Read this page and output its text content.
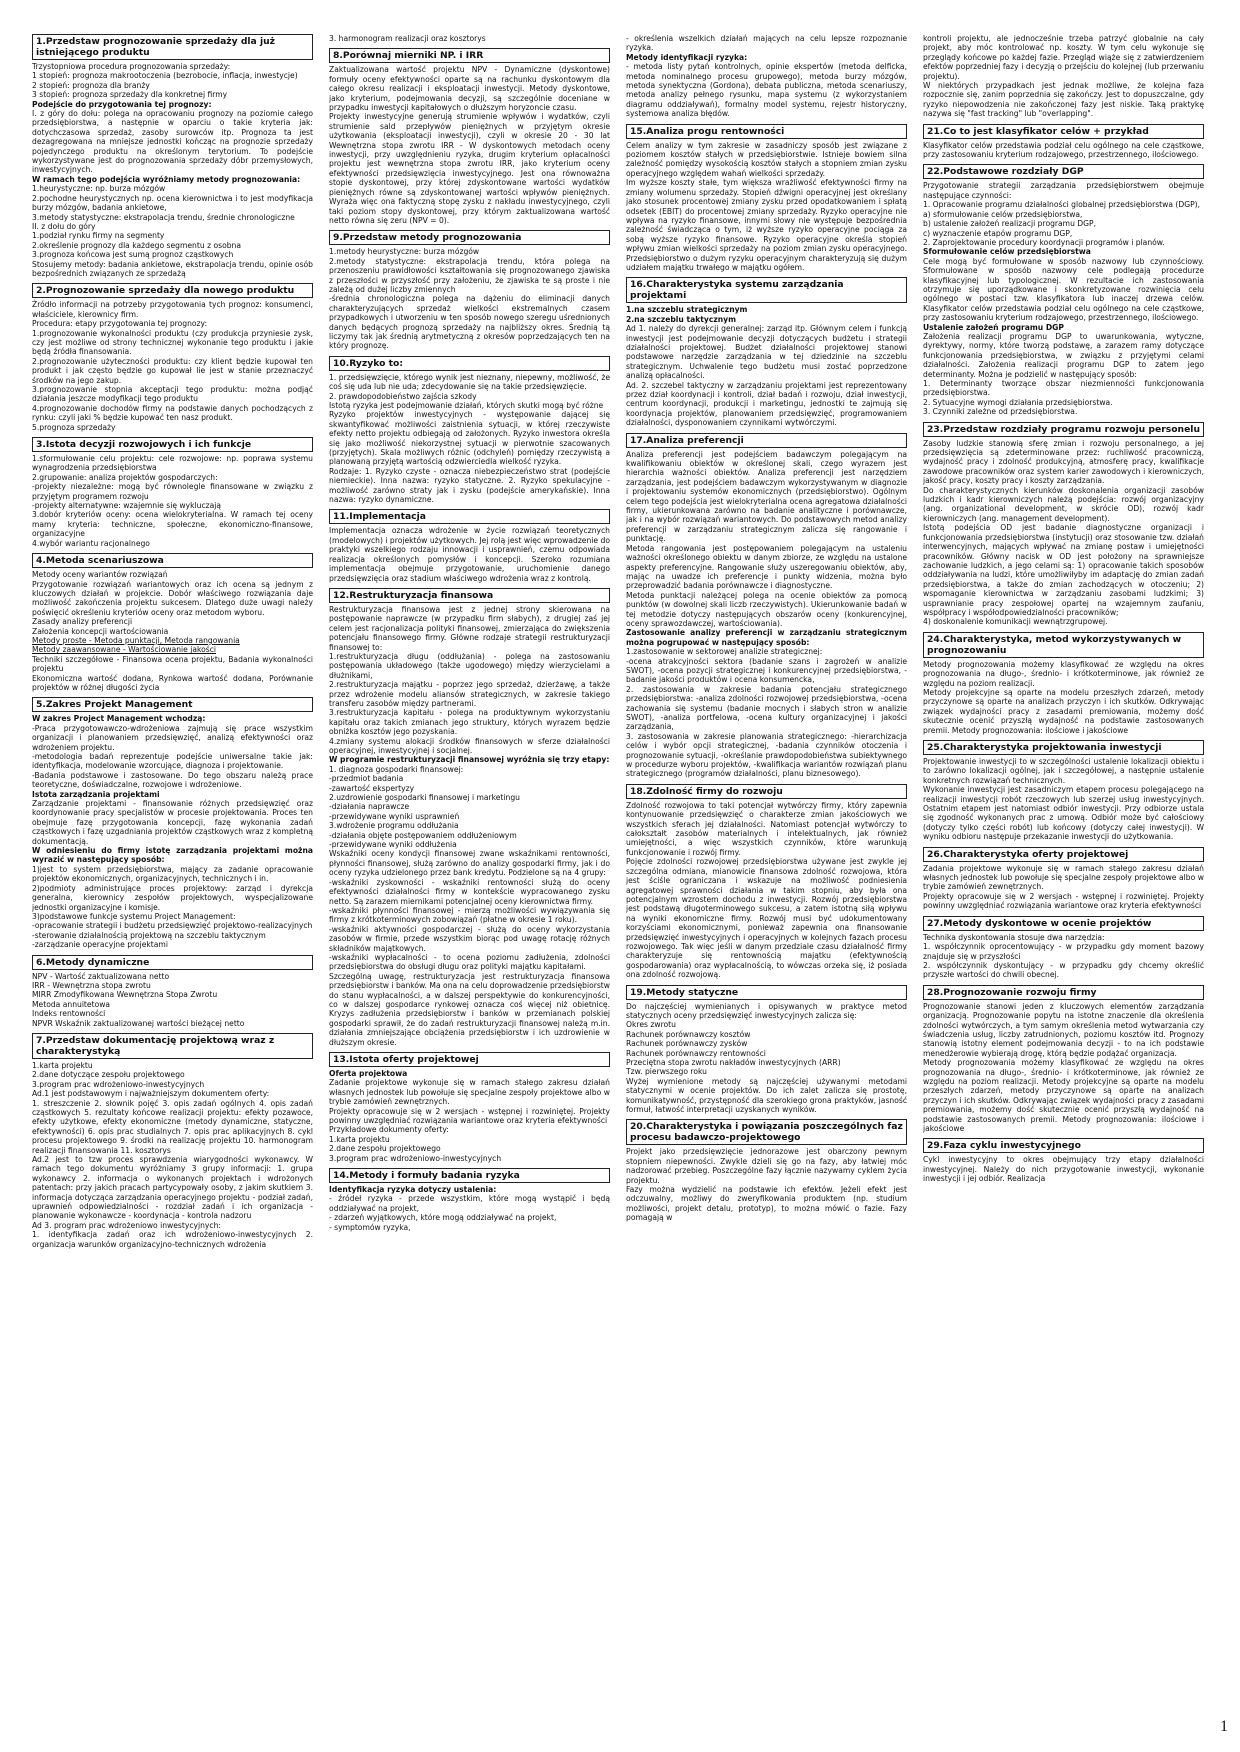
1.Przedstaw prognozowanie sprzedaży dla już istniejącego produktu

Trzystopniowa procedura prognozowania sprzedaży:

1 stopień: prognoza makrootoczenia (bezrobocie, inflacja, inwestycje)

2 stopień: prognoza dla branży

3 stopień: prognoza sprzedaży dla konkretnej firmy

Podejście do przygotowania tej prognozy:

I. z góry do dołu: polega na opracowaniu prognozy na poziomie całego przedsiębiorstwa, a następnie w oparciu o takie kryteria jak: dotychczasowa sprzedaż, zasoby surowców itp. Prognoza ta jest dezagregowana na mniejsze jednostki kończąc na prognozie sprzedaży pojedynczego produktu na określonym terytorium. To podejście wykorzystywane jest do prognozowania sprzedaży dóbr przemysłowych, inwestycyjnych.

W ramach tego podejścia wyróżniamy metody prognozowania:

1.heurystyczne: np. burza mózgów

2.pochodne heurystycznych np. ocena kierownictwa i to jest modyfikacja burzy mózgów, badania ankietowe,

3.metody statystyczne: ekstrapolacja trendu, średnie chronologiczne

II. z dołu do góry

1.podział rynku firmy na segmenty

2.określenie prognozy dla każdego segmentu z osobna

3.prognoza końcowa jest sumą prognoz cząstkowych

Stosujemy metody: badania ankietowe, ekstrapolacja trendu, opinie osób bezpośrednich związanych ze sprzedażą

2.Prognozowanie sprzedaży dla nowego produktu

Źródło informacji na potrzeby przygotowania tych prognoz: konsumenci, właściciele, kierownicy firm.

Procedura: etapy przygotowania tej prognozy:

1.prognozowanie wykonalności produktu (czy produkcja przyniesie zysk, czy jest możliwe od strony technicznej wykonanie tego produktu i jakie będą źródła finansowania.

2.prognozowanie użyteczności produktu: czy klient będzie kupował ten produkt i jak często będzie go kupował lie jest w stanie przeznaczyć środków na jego zakup.

3.prognozowanie stopnia akceptacji tego produktu: można podjąć działania jeszcze modyfikacji tego produktu

4.prognozowanie dochodów firmy na podstawie danych pochodzących z rynku: czyli jaki % będzie kupować ten nasz produkt.

5.prognoza sprzedaży

3.Istota decyzji rozwojowych i ich funkcje

1.sformułowanie celu projektu: cele rozwojowe: np. poprawa systemu wynagrodzenia przedsiębiorstwa

2.grupowanie: analiza projektów gospodarczych:

-projekty niezależne: mogą być równolegle finansowane w związku z przyjętym programem rozwoju

-projekty alternatywne: wzajemnie się wykluczają

3.dobór kryteriów oceny: ocena wielokryterialna. W ramach tej oceny mamy kryteria: techniczne, społeczne, ekonomiczno-finansowe, organizacyjne

4.wybór wariantu racjonalnego

4.Metoda scenariuszowa

Metody oceny wariantów rozwiązań

Przygotowanie rozwiązań wariantowych oraz ich ocena są jednym z kluczowych działań w projekcie. Dobór właściwego rozwiązania daje możliwość zakończenia projektu sukcesem. Dlatego duże uwagi należy poświęcić określeniu kryteriów oceny oraz metodom wyboru.

Zasady analizy preferencji

Założenia koncepcji wartościowania

Metody proste - Metoda punktacji, Metoda rangowania

Metody zaawansowane - Wartościowanie jakości

Techniki szczegółowe - Finansowa ocena projektu, Badania wykonalności projektu

Ekonomiczna wartość dodana, Rynkowa wartość dodana, Porównanie projektów w różnej długości życia

5.Zakres Projekt Management

W zakres Project Management wchodzą:

-Praca przygotowawczo-wdrożeniowa zajmują się prace wszystkim organizacji i planowaniem przedsięwzięć, analizą efektywności oraz wdrożeniem projektu.

-metodologia badań reprezentuje podejście uniwersalne takie jak: identyfikacja, modelowanie wzorcujące, diagnoza i projektowanie.

-Badania podstawowe i zastosowane. Do tego obszaru należą prace teoretyczne, doświadczalne, rozwojowe i wdrożeniowe.

Istota zarządzania projektami

Zarządzanie projektami - finansowanie różnych przedsięwzięć oraz koordynowanie pracy specjalistów w procesie projektowania. Proces ten obejmuje fazę przygotowania koncepcji, fazę wykonania zadań cząstkowych i fazę uzgadniania projektów cząstkowych wraz z kompletną dokumentacją.

W odniesieniu do firmy istotę zarządzania projektami można wyrazić w następujący sposób:

1)jest to system przedsiębiorstwa, mający za zadanie opracowanie projektów ekonomicznych, organizacyjnych, technicznych i in.

2)podmioty administrujące proces projektowy: zarząd i dyrekcja generalna, kierownicy zespołów projektowych, wyspecjalizowane jednostki organizacyjne i komisje.

3)podstawowe funkcje systemu Project Management:

-opracowanie strategii i budżetu przedsięwzięć projektowo-realizacyjnych

-sterowanie działalnością projektową na szczeblu taktycznym

-zarządzanie operacyjne projektami

6.Metody dynamiczne

NPV - Wartość zaktualizowana netto

IRR - Wewnętrzna stopa zwrotu

MIRR Zmodyfikowana Wewnętrzna Stopa Zwrotu

Metoda annuitetowa

Indeks rentowności

NPVR Wskaźnik zaktualizowanej wartości bieżącej netto

7.Przedstaw dokumentację projektową wraz z charakterystyką

1.karta projektu

2.dane dotyczące zespołu projektowego

3.program prac wdrożeniowo-inwestycyjnych

Ad.1 jest podstawowym i najważniejszym dokumentem oferty:

1. streszczenie 2. słownik pojęć 3. opis zadań ogólnych 4. opis zadań cząstkowych 5. rezultaty końcowe realizacji projektu: efekty pozawoce, efekty użytkowe, efekty ekonomiczne (metody dynamiczne, statyczne, efektywności) 6. opis prac studialnych 7. opis prac aplikacyjnych 8. cykl procesu projektowego 9. środki na realizację projektu 10. harmonogram realizacji finansowania 11. kosztorys

Ad.2 jest to tzw proces sprawdzenia wiarygodności wykonawcy. W ramach tego dokumentu wyróżniamy 3 grupy informacji: 1. grupa wykonawcy 2. informacja o wykonanych projektach i wdrożonych patentach: przy jakich pracach partycypowały osoby, z jakim skutkiem 3. informacja dotycząca zarządzania operacyjnego projektu - podział zadań, uprawnień odpowiedzialności - rozdział zadań i ich organizacja - planowanie wykonawcze - koordynacja - kontrola nadzoru

Ad 3. program prac wdrożeniowo inwestycyjnych:

1. identyfikacja zadań oraz ich wdrożeniowo-inwestycyjnych 2. organizacja warunków organizacyjno-technicznych wdrożenia

3. harmonogram realizacji oraz kosztorys

8.Porównaj mierniki NP. i IRR

Zaktualizowana wartość projektu NPV - Dynamiczne (dyskontowe) formuły oceny efektywności oparte są na rachunku dyskontowym dla całego okresu realizacji i eksploatacji inwestycji. Metody dyskontowe, jako kryterium, podejmowania decyzji, są szczególnie doceniane w przypadku inwestycji kapitałowych o dłuższym horyzoncie czasu.

Projekty inwestycyjne generują strumienie wpływów i wydatków, czyli strumienie sald przepływów pieniężnych w przyjętym okresie użytkowania (eksploatacji inwestycji), czyli w okresie 20 - 30 lat Wewnętrzna stopa zwrotu IRR - W dyskontowych metodach oceny inwestycji, przy uwzględnieniu ryzyka, drugim kryterium opłacalności projektu jest wewnętrzna stopa zwrotu IRR, jako kryterium oceny efektywności przedsięwzięcia inwestycyjnego. Jest ona równoważna stopie dyskontowej, przy której zdyskontowane wartości wydatków pieniężnych równe są zdyskontowanej wartości wpływów pieniężnych. Wyraża więc ona faktyczną stopę zysku z nakładu inwestycyjnego, czyli taki poziom stopy dyskontowej, przy którym zaktualizowana wartość netto równa się zeru (NPV = 0).

9.Przedstaw metody prognozowania

1.metody heurystyczne: burza mózgów

2.metody statystyczne: ekstrapolacja trendu, która polega na przenoszeniu prawidłowości kształtowania się prognozowanego zjawiska z przeszłości w przyszłość przy założeniu, że zjawiska te są proste i nie zależą od dużej liczby zmiennych

-średnia chronologiczna polega na dążeniu do eliminacji danych charakteryzujących sprzedaż wielkości ekstremalnych czasem przypadkowych i utworzeniu w ten sposób nowego szeregu uśrednionych danych będących prognozą sprzedaży na najbliższy okres. Średnią tą liczymy tak jak średnią arytmetyczną z okresów poprzedzających ten na który prognozę.

10.Ryzyko to:

1. przedsięwzięcie, którego wynik jest nieznany, niepewny, możliwość, że coś się uda lub nie uda; zdecydowanie się na takie przedsięwzięcie.

2. prawdopodobieństwo zajścia szkody

Istotą ryzyka jest podejmowanie działań, których skutki mogą być różne

Ryzyko projektów inwestycyjnych - występowanie dającej się skwantyfikować możliwości zaistnienia sytuacji, w której rzeczywiste efekty netto projektu odbiegają od założonych. Ryzyko inwestora określa się jako możliwość niekorzystnej sytuacji w pierwotnie szacowanych (przyjętych). Skala możliwych różnic (odchyleń) pomiędzy rzeczywistą a planowaną przyjętą wartością odzwierciedla wielkość ryzyka.

Rodzaje: 1. Ryzyko czyste - oznacza niebezpieczeństwo strat (podejście niemieckie). Inna nazwa: ryzyko statyczne. 2. Ryzyko spekulacyjne - możliwość zarówno straty jak i zysku (podejście amerykańskie). Inna nazwa: ryzyko dynamiczne.

11.Implementacja

Implementacja oznacza wdrożenie w życie rozwiązań teoretycznych (modelowych) i projektów użytkowych. Jej rolą jest więc wprowadzenie do praktyki wszelkiego rodzaju innowacji i usprawnień, czemu odpowiada realizacja określonych pomysłów i koncepcji. Szeroko rozumiana implementacja obejmuje przygotowanie, uruchomienie danego przedsięwzięcia oraz stadium właściwego wdrożenia wraz z kontrolą.

12.Restrukturyzacja finansowa

Restrukturyzacja finansowa jest z jednej strony skierowana na postępowanie naprawcze (w przypadku firm słabych), z drugiej zaś jej celem jest racjonalizacja polityki finansowej, zmierzająca do zwiększenia potencjału finansowego firmy. Główne rodzaje strategii restrukturyzacji finansowej to:

1.restrukturyzacja długu (oddłużania) - polega na zastosowaniu postępowania układowego (także ugodowego) między wierzycielami a dłużnikami,

2.restrukturyzacja majątku - poprzez jego sprzedaż, dzierżawę, a także przez wdrożenie modelu aliansów strategicznych, w zakresie takiego transferu zasobów między partnerami.

3.restrukturyzacja kapitału - polega na produktywnym wykorzystaniu kapitału oraz takich zmianach jego struktury, których wyrazem będzie obniżka kosztów jego pozyskania.

4.zmiany systemu alokacji środków finansowych w sferze działalności operacyjnej, inwestycyjnej i socjalnej.

W programie restrukturyzacji finansowej wyróżnia się trzy etapy:

1. diagnoza gospodarki finansowej:

-przedmiot badania

-zawartość ekspertyzy

2.uzdrowienie gospodarki finansowej i marketingu

-działania naprawcze

-przewidywane wyniki usprawnień

3.wdrożenie programu oddłużania

-działania objęte postępowaniem oddłużeniowym

-przewidywane wyniki oddłużenia

Wskaźniki oceny kondycji finansowej zwane wskaźnikami rentowności, płynności finansowej, służą zarówno do analizy gospodarki firmy, jak i do oceny ryzyka udzielonego przez bank kredytu. Podzielone są na 4 grupy:

-wskaźniki zyskowności - wskaźniki rentowności służą do oceny efektywności działalności firmy w kontekście wypracowanego zysku netto. Są zarazem miernikami potencjalnej oceny kierownictwa firmy.

-wskaźniki płynności finansowej - mierzą możliwości wywiązywania się firmy z krótkoterminowych zobowiązań (płatne w okresie 1 roku).

-wskaźniki aktywności gospodarczej - służą do oceny wykorzystania zasobów w firmie, przede wszystkim biorąc pod uwagę rotację różnych składników majątkowych.

-wskaźniki wypłacalności - to ocena poziomu zadłużenia, zdolności przedsiębiorstwa do obsługi długu oraz polityki majątku kapitałami.

Szczególną uwagę, restrukturyzacja jest restrukturyzacja finansowa przedsiębiorstw i banków. Ma ona na celu doprowadzenie przedsiębiorstw do stanu wypłacalności, a w dalszej perspektywie do konkurencyjności, co w dalszej gospodarce rynkowej oznacza coś więcej niż obietnicę. Kryzys zadłużenia przedsiębiorstw i banków w przemianach polskiej gospodarki sprawił, że do zadań restrukturyzacji finansowej należą m.in. działania zmniejszające obciążenia przedsiębiorstw i ich uzdrowienie w dłuższym okresie.

13.Istota oferty projektowej

Oferta projektowa

Zadanie projektowe wykonuje się w ramach stałego zakresu działań własnych jednostek lub powołuje się specjalne zespoły projektowe albo w trybie zamówień zewnętrznych.

Projekty opracowuje się w 2 wersjach - wstępnej i rozwiniętej. Projekty powinny uwzględniać rozwiązania wariantowe oraz kryteria efektywności

Przykładowe dokumenty oferty:

1.karta projektu

2.dane zespołu projektowego

3.program prac wdrożeniowo-inwestycyjnych

14.Metody i formuły badania ryzyka

Identyfikacja ryzyka dotyczy ustalenia:

- źródeł ryzyka - przede wszystkim, które mogą wystąpić i będą oddziaływać na projekt,

- zdarzeń wyjątkowych, które mogą oddziaływać na projekt,

- symptomów ryzyka,

- określenia wszelkich działań mających na celu lepsze rozpoznanie ryzyka.

Metody identyfikacji ryzyka:

- metoda listy pytań kontrolnych, opinie ekspertów (metoda delficka, metoda nominalnego procesu grupowego), metoda burzy mózgów, metoda synektyczna (Gordona), debata publiczna, metoda scenariuszy, metoda analizy pełnego rysunku, mapa systemu (z wykorzystaniem diagramu oddziaływań), formalny model systemu, rejestr historyczny, systemowa analiza błędów.

15.Analiza progu rentowności

Celem analizy w tym zakresie w zasadniczy sposób jest związane z poziomem kosztów stałych w przedsiębiorstwie. Istnieje bowiem silna zależność pomiędzy wysokością kosztów stałych a stopniem zmian zysku operacyjnego względem wahań wielkości sprzedaży.

Im wyższe koszty stałe, tym większa wrażliwość efektywności firmy na zmiany wolumenu sprzedaży. Stopień dźwigni operacyjnej jest określany jako stosunek procentowej zmiany zysku przed opodatkowaniem i spłatą odsetek (EBIT) do procentowej zmiany sprzedaży. Ryzyko operacyjne nie wpływa na ryzyko finansowe, innymi słowy nie występuje bezpośrednia zależność świadcząca o tym, iż wyższe ryzyko operacyjne pociąga za sobą wyższe ryzyko finansowe. Ryzyko operacyjne określa stopień wpływu zmian wielkości sprzedaży na poziom zmian zysku operacyjnego. Przedsiębiorstwo o dużym ryzyku operacyjnym charakteryzują się dużym udziałem majątku trwałego w majątku ogółem.

16.Charakterystyka systemu zarządzania projektami

1.na szczeblu strategicznym

2.na szczeblu taktycznym

Ad 1. należy do dyrekcji generalnej: zarząd itp. Głównym celem i funkcją inwestycji jest podejmowanie decyzji dotyczących budżetu i strategii działalności projektowej. Budżet działalności projektowej stanowi podstawowe narzędzie zarządzania w tej dziedzinie na szczeblu strategicznym. Uchwalenie tego budżetu musi zostać poprzedzone analizą opłacalności.

Ad. 2. szczebel taktyczny w zarządzaniu projektami jest reprezentowany przez dział koordynacji i kontroli, dział badań i rozwoju, dział inwestycji, centrum koordynacji, produkcji i marketingu, jednostki te zajmują się koordynacja projektów, planowaniem przedsięwzięć, programowaniem działalności, dysponowaniem czynnikami wytwórczymi.

17.Analiza preferencji

Analiza preferencji jest podejściem badawczym polegającym na kwalifikowaniu obiektów w określonej skali, czego wyrazem jest hierarchia ważności obiektów. Analiza preferencji jest narzędziem zarządzania, jest podejściem badawczym wykorzystywanym w diagnozie i projektowaniu systemów ekonomicznych (przedsiębiorstwo). Ogólnym celem tego podejścia jest wielokryterialna ocena agregatowa działalności firmy, ukierunkowana zarówno na badanie analityczne i porównawcze, jak i na wybór rozwiązań wariantowych. Do podstawowych metod analizy preferencji w zarządzaniu strategicznym zalicza się rangowanie i punktację.

Metoda rangowania jest postępowaniem polegającym na ustaleniu ważności określonego obiektu w danym zbiorze, ze względu na ustalone aspekty preferencyjne. Rangowanie służy uszeregowaniu obiektów, aby, mając na uwadze ich preferencje i punkty widzenia, można było przeprowadzić badania porównawcze i diagnostyczne.

Metoda punktacji należącej polega na ocenie obiektów za pomocą punktów (w dowolnej skali liczb rzeczywistych). Ukierunkowanie badań w tej metodzie dotyczy następujących obszarów oceny (konkurencyjnej, oceny sprawozdawczej, wartościowania).

Zastosowanie analizy preferencji w zarządzaniu strategicznym można pogrupować w następujący sposób:

1.zastosowanie w sektorowej analizie strategicznej:

-ocena atrakcyjności sektora (badanie szans i zagrożeń w analizie SWOT), -ocena pozycji strategicznej i konkurencyjnej przedsiębiorstwa, -badanie jakości produktów i ocena konsumencka,

2. zastosowania w zakresie badania potencjału strategicznego przedsiębiorstwa: -analiza zdolności rozwojowej przedsiębiorstwa, -ocena zachowania się systemu (badanie mocnych i słabych stron w analizie SWOT), -analiza portfelowa, -ocena kultury organizacyjnej i jakości zarządzania,

3. zastosowania w zakresie planowania strategicznego: -hierarchizacja celów i wybór opcji strategicznej, -badania czynników otoczenia i prognozowanie sytuacji, -określanie prawdopodobieństwa subiektywnego w procedurze wyboru projektów, -kwalifikacja wariantów rozwiązań planu strategicznego (programów działalności, planu biznesowego).

18.Zdolność firmy do rozwoju

Zdolność rozwojowa to taki potencjał wytwórczy firmy, który zapewnia kontynuowanie przedsięwzięć o charakterze zmian jakościowych we wszystkich sferach jej działalności. Natomiast potencjał wytwórczy to całokształt zasobów materialnych i intelektualnych, jak również umiejętności, a więc wszystkich czynników, które warunkują funkcjonowanie i rozwój firmy.

Pojęcie zdolności rozwojowej przedsiębiorstwa używane jest zwykle jej szczególna odmiana, mianowicie finansowa zdolność rozwojowa, która jest ściśle ograniczana i wskazuje na możliwość podniesienia agregatowej sprawności działania w takim stopniu, aby była ona potencjalnym wzrostem dochodu z inwestycji. Rozwój przedsiębiorstwa jest podstawą długoterminowego sukcesu, a zatem istotną siłą wpływu na wyniki ekonomiczne firmy. Rozwój musi być udokumentowany korzyściami ekonomicznymi, ponieważ zapewnia ona finansowanie przedsięwzięć inwestycyjnych i operacyjnych w kolejnych fazach procesu rozwojowego. Tak więc jeśli w danym przedziale czasu działalność firmy charakteryzuje się rentownością majątku (efektywnością gospodarowania) oraz wypłacalnością, to wówczas orzeka się, iż posiada ona zdolność rozwojową.

19.Metody statyczne

Do najczęściej wymienianych i opisywanych w praktyce metod statycznych oceny przedsięwzięć inwestycyjnych zalicza się:

Okres zwrotu

Rachunek porównawczy kosztów

Rachunek porównawczy zysków

Rachunek porównawczy rentowności

Przeciętna stopa zwrotu nakładów inwestycyjnych (ARR)

Tzw. pierwszego roku

Wyżej wymienione metody są najczęściej używanymi metodami statycznymi w ocenie projektów. Do ich zalet zalicza się prostotę, komunikatywność, przystępność dla szerokiego grona praktyków, jasność formuł, łatwość interpretacji uzyskanych wyników.

20.Charakterystyka i powiązania poszczególnych faz procesu badawczo-projektowego

Projekt jako przedsięwzięcie jednorazowe jest obarczony pewnym stopniem niepewności. Zwykle dzieli się go na fazy, aby łatwiej móc nadzorować przebieg. Poszczególne fazy łącznie nazywamy cyklem życia projektu.

Fazy można wydzielić na podstawie ich efektów. Jeżeli efekt jest odczuwalny, możliwy do zweryfikowania produktem (np. studium możliwości, projekt detalu, prototyp), to można mówić o fazie. Fazy pomagają w

kontroli projektu, ale jednocześnie trzeba patrzyć globalnie na cały projekt, aby móc kontrolować np. koszty. W tym celu wykonuje się przeglądy końcowe po każdej fazie. Przegląd wiąże się z zatwierdzeniem efektów poprzedniej fazy i decyzją o przejściu do kolejnej (lub przerwaniu projektu).

W niektórych przypadkach jest jednak możliwe, że kolejna faza rozpocznie się, zanim poprzednia się zakończy. Jest to dopuszczalne, gdy ryzyko niepowodzenia nie zakończonej fazy jest niskie. Taką praktykę nazywa się "fast tracking" lub "overlapping".

21.Co to jest klasyfikator celów + przykład

Klasyfikator celów przedstawia podział celu ogólnego na cele cząstkowe, przy zastosowaniu kryterium rodzajowego, przestrzennego, ilościowego.

22.Podstawowe rozdziały DGP

Przygotowanie strategii zarządzania przedsiębiorstwem obejmuje następujące czynności:

1. Opracowanie programu działalności globalnej przedsiębiorstwa (DGP),

a) sformułowanie celów przedsiębiorstwa,

b) ustalenie założeń realizacji programu DGP,

c) wyznaczenie etapów programu DGP,

2. Zaprojektowanie procedury koordynacji programów i planów.

Sformułowanie celów przedsiębiorstwa

Cele mogą być formułowane w sposób nazwowy lub czynnościowy. Sformułowane w sposób nazwowy cele podlegają procedurze klasyfikacyjnej lub typologicznej. W rezultacie ich zastosowania otrzymuje się uporządkowane i skonkretyzowane rozwinięcia celu ogólnego w postaci tzw. klasyfikatora lub inaczej drzewa celów. Klasyfikator celów przedstawia podział celu ogólnego na cele cząstkowe, przy zastosowaniu kryterium rodzajowego, przestrzennego, ilościowego.

Ustalenie założeń programu DGP

Założenia realizacji programu DGP to uwarunkowania, wytyczne, dyrektywy, normy, które tworzą podstawę, a zarazem ramy dotyczące funkcjonowania przedsiębiorstwa, w związku z przyjętymi celami działalności. Założenia realizacji programu DGP to zatem jego determinanty. Można je podzielić w następujący sposób:

1. Determinanty tworzące obszar niezmienności funkcjonowania przedsiębiorstwa.

2. Sytuacyjne wymogi działania przedsiębiorstwa.

3. Czynniki zależne od przedsiębiorstwa.

23.Przedstaw rozdziały programu rozwoju personelu

Zasoby ludzkie stanowią sferę zmian i rozwoju personalnego, a jej przedsięwzięcia są zdeterminowane przez: ruchliwość pracowniczą, wydajność pracy i zdolność produkcyjną, atmosferę pracy, kwalifikacje zawodowe pracowników oraz system karier zawodowych i kierowniczych, jakość pracy, koszty pracy i koszty zarządzania.

Do charakterystycznych kierunków doskonalenia organizacji zasobów ludzkich i kadr kierowniczych należą podejścia: rozwój organizacyjny (ang. organizational development, w skrócie OD), rozwój kadr kierowniczych (ang. management development).

Istotą podejścia OD jest badanie diagnostyczne organizacji i funkcjonowania przedsiębiorstwa (instytucji) oraz stosowanie tzw. działań interwencyjnych, mających wpływać na zmianę postaw i umiejętności pracowników. Główny nacisk w OD jest położony na sprawniejsze zachowanie ludzkich, a jego celami są: 1) opracowanie takich sposobów oddziaływania na ludzi, które umożliwiłyby im adaptację do zmian zadań przedsiębiorstwa, a także do zmian zachodzących w otoczeniu; 2) wspomaganie kierownictwa w zarządzaniu zasobami ludzkimi; 3) usprawnianie pracy zespołowej opartej na wzajemnym zaufaniu, współpracy i współodpowiedzialności pracowników;

4) doskonalenie komunikacji wewnątrzgrupowej.

24.Charakterystyka, metod wykorzystywanych w prognozowaniu

Metody prognozowania możemy klasyfikować ze względu na okres prognozowania na długo-, średnio- i krótkoterminowe, jak również ze względu na poziom realizacji.

Metody projekcyjne są oparte na modelu przeszłych zdarzeń, metody przyczynowe są oparte na analizach przyczyn i ich skutków. Odkrywając związek wydajności pracy z zasadami premiowania, możemy dość skutecznie ocenić przyszłą wydajność na podstawie zastosowanych premii. Metody prognozowania: ilościowe i jakościowe

25.Charakterystyka projektowania inwestycji

Projektowanie inwestycji to w szczególności ustalenie lokalizacji obiektu i to zarówno lokalizacji ogólnej, jak i szczegółowej, a następnie ustalenie konkretnych rozwiązań technicznych.

Wykonanie inwestycji jest zasadniczym etapem procesu polegającego na realizacji inwestycji robót rzeczowych lub szerzej usług inwestycyjnych. Ostatnim etapem jest natomiast odbiór inwestycji. Przy odbiorze ustala się zgodność wykonanych prac z umową. Odbiór może być całościowy (dotyczy tylko części robót) lub końcowy (dotyczy całej inwestycji). W wyniku odbioru następuje przekazanie inwestycji do użytkowania.

26.Charakterystyka oferty projektowej

Zadania projektowe wykonuje się w ramach stałego zakresu działań własnych jednostek lub powołuje się specjalne zespoły projektowe albo w trybie zamówień zewnętrznych.

Projekty opracowuje się w 2 wersjach - wstępnej i rozwiniętej. Projekty powinny uwzględniać rozwiązania wariantowe oraz kryteria efektywności

27.Metody dyskontowe w ocenie projektów

Technika dyskontowania stosuje dwa narzędzia:

1. współczynnik oprocentowujący - w przypadku gdy moment bazowy znajduje się w przyszłości

2. współczynnik dyskontujący - w przypadku gdy chcemy określić przyszłe wartości do chwili obecnej.

28.Prognozowanie rozwoju firmy

Prognozowanie stanowi jeden z kluczowych elementów zarządzania organizacją. Prognozowanie popytu na istotne znaczenie dla określenia zdolności wytwórczych, a tym samym określenia metod wytwarzania czy świadczenia usług, liczby zatrudnionych, poziomu kosztów itd. Prognozy stanowią istotny element podejmowania decyzji - to na ich podstawie menedżerowie wybierają drogę, którą będzie podążać organizacja.

Metody prognozowania możemy klasyfikować ze względu na okres prognozowania na długo-, średnio- i krótkoterminowe, jak również ze względu na poziom realizacji. Metody projekcyjne są oparte na modelu przeszłych zdarzeń, metody przyczynowe są oparte na analizach przyczyn i ich skutków. Odkrywając związek wydajności pracy z zasadami premiowania, możemy dość skutecznie ocenić przyszłą wydajność na podstawie zastosowanych premii. Metody prognozowania: ilościowe i jakościowe

29.Faza cyklu inwestycyjnego

Cykl inwestycyjny to okres obejmujący trzy etapy działalności inwestycyjnej. Należy do nich przygotowanie inwestycji, wykonanie inwestycji i jej odbiór. Realizacja

1
